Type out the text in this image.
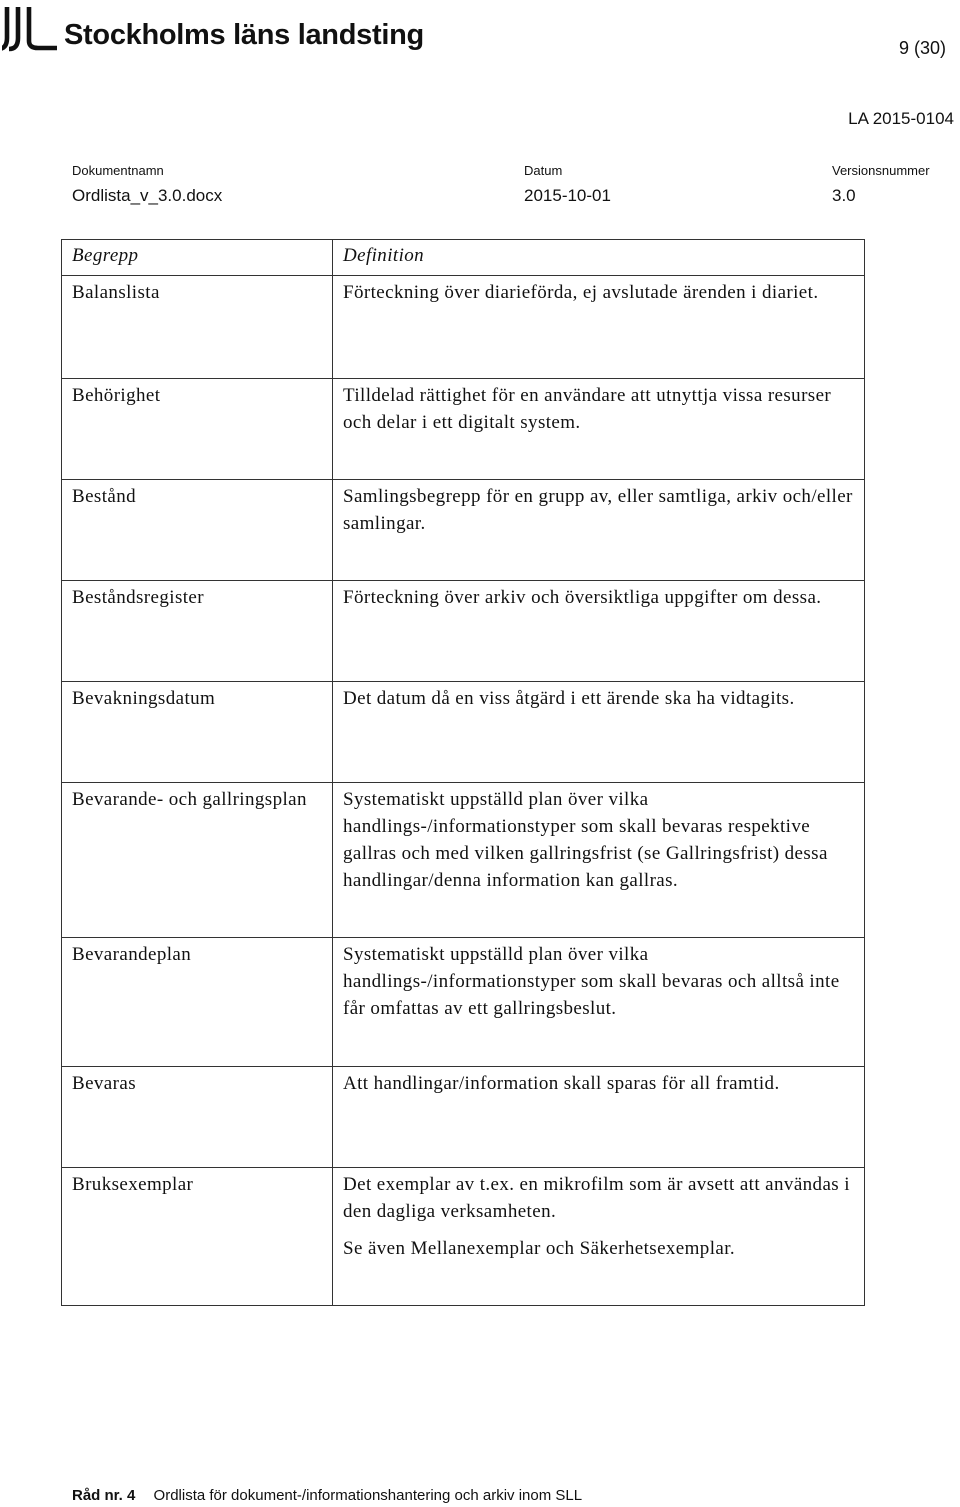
Stockholms läns landsting	9 (30)
LA 2015-0104
Dokumentnamn
Ordlista_v_3.0.docx
Datum
2015-10-01
Versionsnummer
3.0
Begrepp	Definition
Balanslista	Förteckning över diarieförda, ej avslutade ärenden i diariet.

Behörighet	Tilldelad rättighet för en användare att utnyttja vissa resurser och delar i ett digitalt system.

Bestånd	Samlingsbegrepp för en grupp av, eller samtliga, arkiv och/eller samlingar.

Beståndsregister	Förteckning över arkiv och översiktliga uppgifter om dessa.

Bevakningsdatum	Det datum då en viss åtgärd i ett ärende ska ha vidtagits.

Bevarande- och gallringsplan	Systematiskt uppställd plan över vilka handlings-/informationstyper som skall bevaras respektive gallras och med vilken gallringsfrist (se Gallringsfrist) dessa handlingar/denna information kan gallras.

Bevarandeplan	Systematiskt uppställd plan över vilka handlings-/informationstyper som skall bevaras och alltså inte får omfattas av ett gallringsbeslut.

Bevaras	Att handlingar/information skall sparas för all framtid.

Bruksexemplar	Det exemplar av t.ex. en mikrofilm som är avsett att användas i den dagliga verksamheten.

Se även Mellanexemplar och Säkerhetsexemplar.

Råd nr. 4 Ordlista för dokument-/informationshantering och arkiv inom SLL
